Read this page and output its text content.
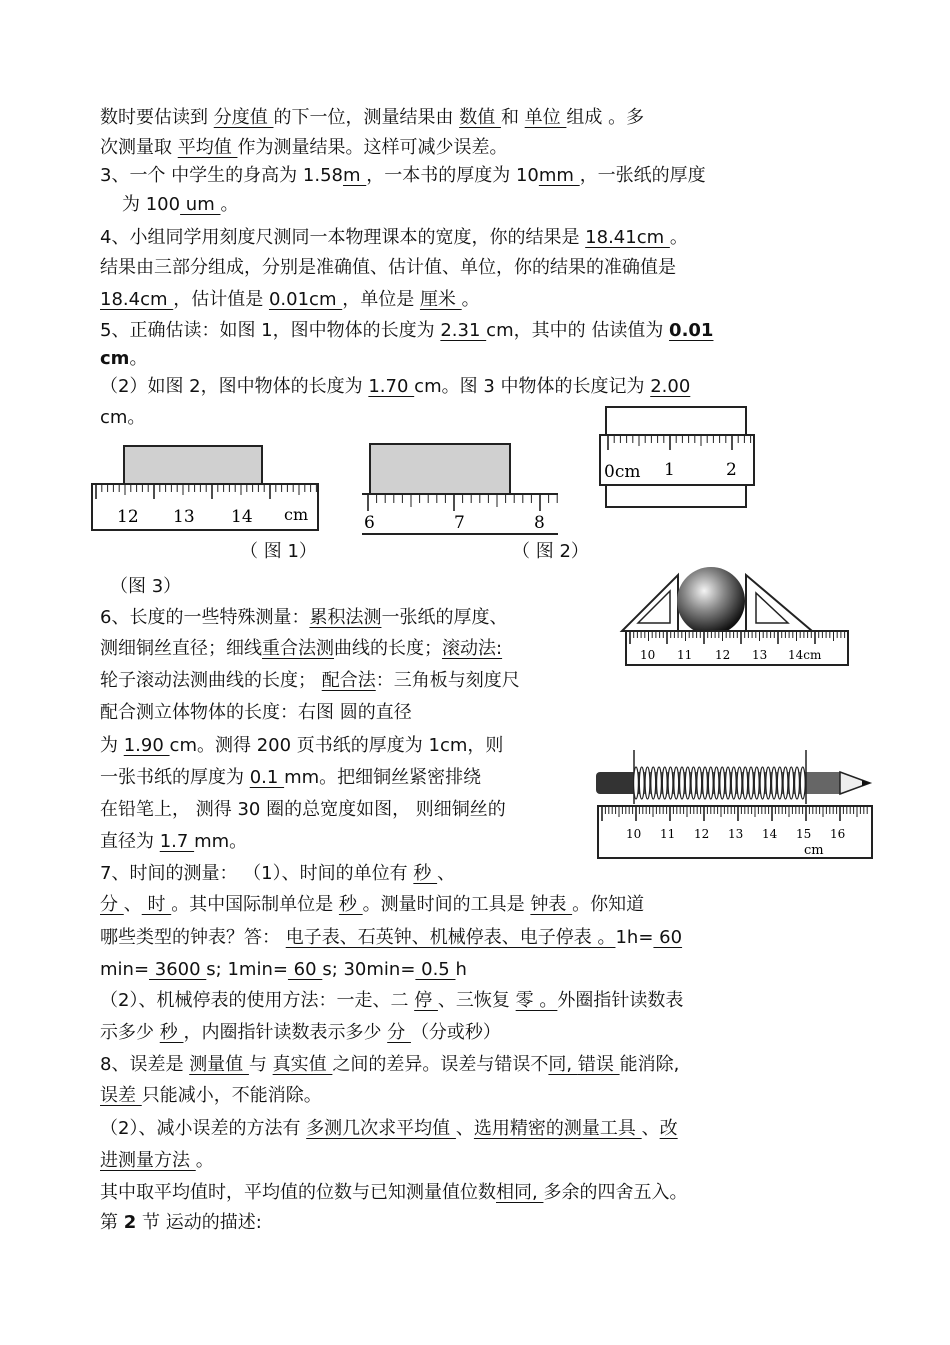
数时要估读到 分度值 的下一位，测量结果由 数值 和 单位 组成 。多
次测量取 平均值 作为测量结果。这样可减少误差。
3、一个 中学生的身高为 1.58m ，一本书的厚度为 10mm ，一张纸的厚度
为 100 um 。
4、小组同学用刻度尺测同一本物理课本的宽度，你的结果是 18.41cm 。
结果由三部分组成，分别是准确值、估计值、单位，你的结果的准确值是
18.4cm ，估计值是 0.01cm ，单位是 厘米 。
5、正确估读：如图 1，图中物体的长度为 2.31 cm，其中的 估读值为 0.01
cm。
（2）如图 2，图中物体的长度为 1.70 cm。图 3 中物体的长度记为 2.00
cm。
12 13 14 cm
（ 图 1）
6	7	8
（ 图 2）
0cm 1	2
（图 3）
10 11 12 13 14cm
10 11 12 13 14 15 16
cm
6、长度的一些特殊测量：累积法测一张纸的厚度、
测细铜丝直径；细线重合法测曲线的长度；滚动法:
轮子滚动法测曲线的长度； 配合法：三角板与刻度尺
配合测立体物体的长度：右图 圆的直径
为 1.90 cm。测得 200 页书纸的厚度为 1cm，则
一张书纸的厚度为 0.1 mm。把细铜丝紧密排绕
在铅笔上， 测得 30 圈的总宽度如图， 则细铜丝的
直径为 1.7 mm。
7、时间的测量： （1）、时间的单位有 秒 、
分 、 时 。其中国际制单位是 秒 。测量时间的工具是 钟表 。你知道
哪些类型的钟表？答： 电子表、石英钟、机械停表、电子停表 。1h= 60
min= 3600 s; 1min= 60 s; 30min= 0.5 h
（2）、机械停表的使用方法：一走、二 停 、三恢复 零 。外圈指针读数表
示多少 秒 ，内圈指针读数表示多少 分 （分或秒）
8、误差是 测量值 与 真实值 之间的差异。误差与错误不同, 错误 能消除,
误差 只能减小，不能消除。
（2）、减小误差的方法有 多测几次求平均值 、选用精密的测量工具 、改
进测量方法 。
其中取平均值时，平均值的位数与已知测量值位数相同, 多余的四舍五入。
第 2 节 运动的描述:
